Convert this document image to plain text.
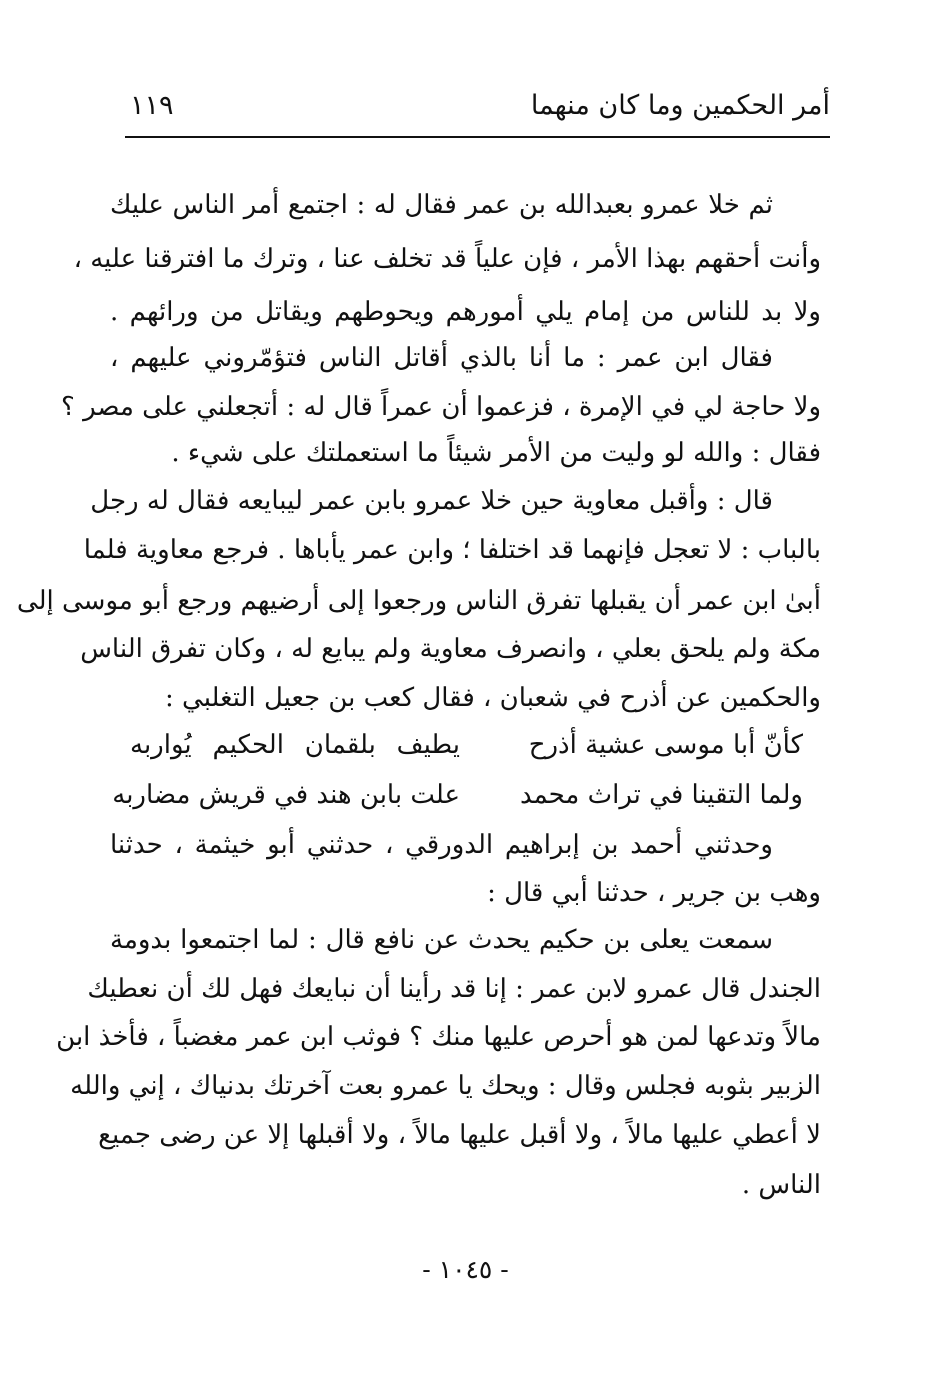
أمر الحكمين وما كان منهما
١١٩
ثم خلا عمرو بعبدالله بن عمر فقال له : اجتمع أمر الناس عليك
وأنت أحقهم بهذا الأمر ، فإن علياً قد تخلف عنا ، وترك ما افترقنا عليه ،
ولا بد للناس من إمام يلي أمورهم ويحوطهم ويقاتل من ورائهم .
فقال ابن عمر : ما أنا بالذي أقاتل الناس فتؤمّروني عليهم ،
ولا حاجة لي في الإمرة ، فزعموا أن عمراً قال له : أتجعلني على مصر ؟
فقال : والله لو وليت من الأمر شيئاً ما استعملتك على شيء .
قال : وأقبل معاوية حين خلا عمرو بابن عمر ليبايعه فقال له رجل
بالباب : لا تعجل فإنهما قد اختلفا ؛ وابن عمر يأباها . فرجع معاوية فلما
أبىٰ ابن عمر أن يقبلها تفرق الناس ورجعوا إلى أرضيهم ورجع أبو موسى إلى
مكة ولم يلحق بعلي ، وانصرف معاوية ولم يبايع له ، وكان تفرق الناس
والحكمين عن أذرح في شعبان ، فقال كعب بن جعيل التغلبي :
كأنّ أبا موسى عشية أذرح
يطيف بلقمان الحكيم يُواربه
ولما التقينا في تراث محمد
علت بابن هند في قريش مضاربه
وحدثني أحمد بن إبراهيم الدورقي ، حدثني أبو خيثمة ، حدثنا
وهب بن جرير ، حدثنا أبي قال :
سمعت يعلى بن حكيم يحدث عن نافع قال : لما اجتمعوا بدومة
الجندل قال عمرو لابن عمر : إنا قد رأينا أن نبايعك فهل لك أن نعطيك
مالاً وتدعها لمن هو أحرص عليها منك ؟ فوثب ابن عمر مغضباً ، فأخذ ابن
الزبير بثوبه فجلس وقال : ويحك يا عمرو بعت آخرتك بدنياك ، إني والله
لا أعطي عليها مالاً ، ولا أقبل عليها مالاً ، ولا أقبلها إلا عن رضى جميع
الناس .
- ١٠٤٥ -
